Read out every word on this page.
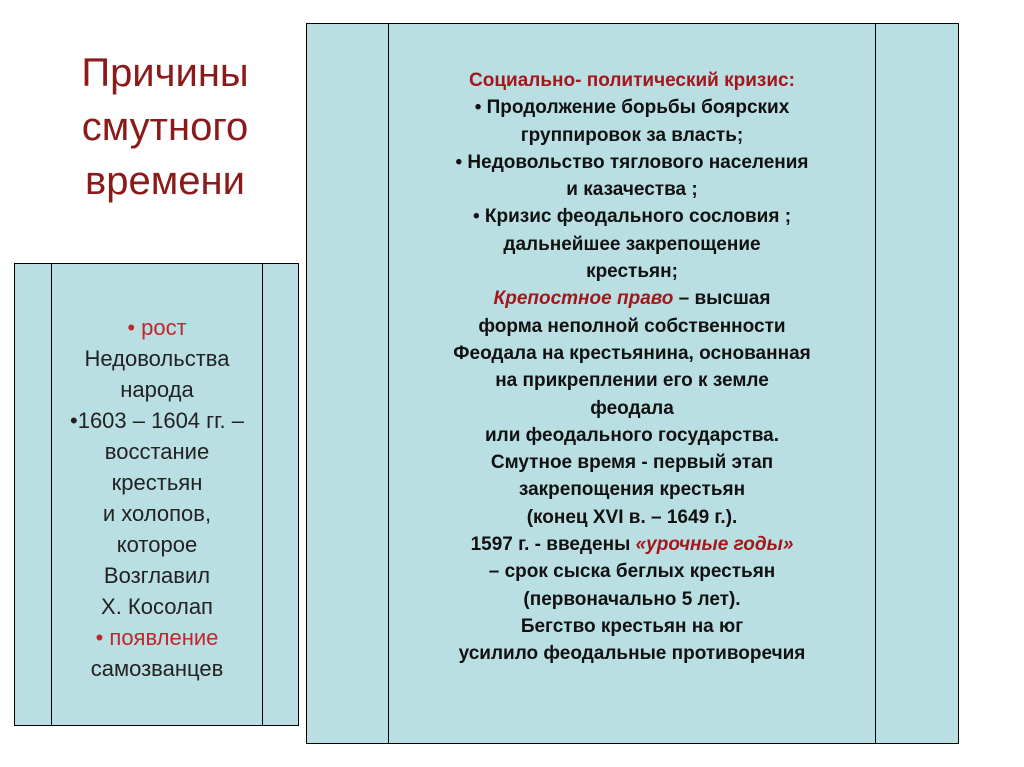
Причины
смутного
времени
• рост
Недовольства
народа
•1603 – 1604 гг. –
восстание
крестьян
и холопов,
которое
Возглавил
Х. Косолап
• появление
самозванцев
Социально- политический кризис:
• Продолжение борьбы боярских
группировок за власть;
• Недовольство тяглового населения
и казачества ;
• Кризис феодального сословия ;
дальнейшее закрепощение
крестьян;
Крепостное право – высшая
форма неполной собственности
Феодала на крестьянина, основанная
на прикреплении его к земле
феодала
или феодального государства.
Смутное время - первый этап
закрепощения крестьян
(конец XVI в. – 1649 г.).
1597 г. - введены «урочные годы»
– срок сыска беглых крестьян
(первоначально 5 лет).
Бегство крестьян на юг
усилило феодальные противоречия
